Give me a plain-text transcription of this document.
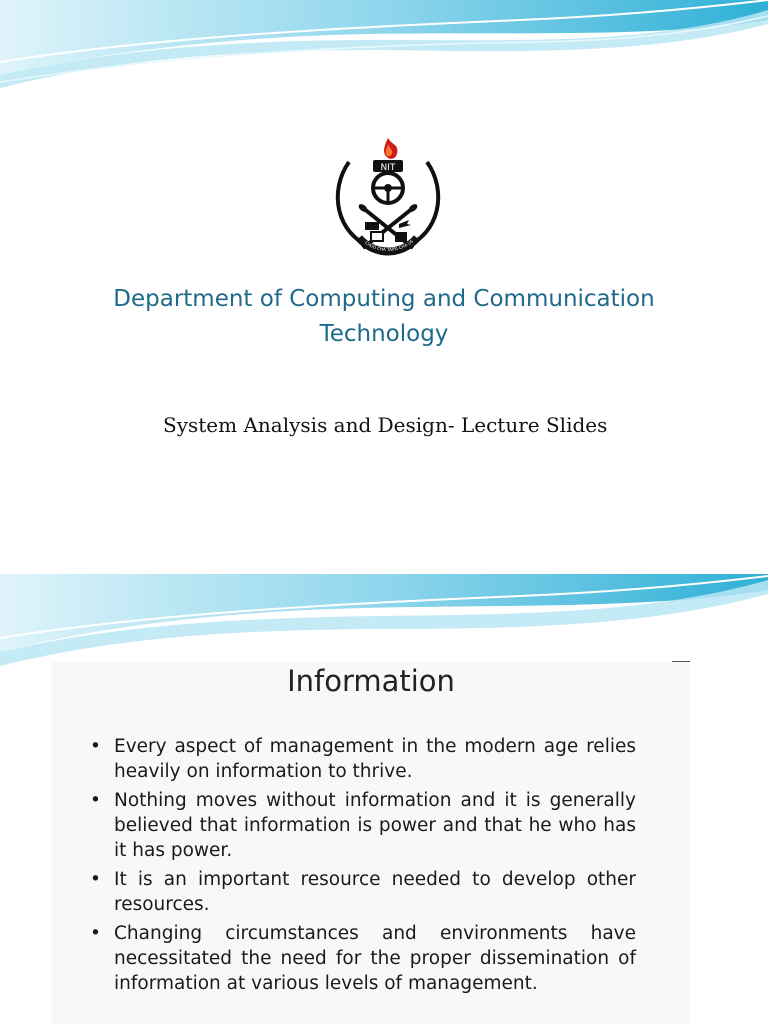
NIT
CHUO CHA TAIFA CHA US
Department of Computing and Communication Technology

System Analysis and Design- Lecture Slides

Information
• Every aspect of management in the modern age relies heavily on information to thrive.
• Nothing moves without information and it is generally believed that information is power and that he who has it has power.
• It is an important resource needed to develop other resources.
• Changing circumstances and environments have necessitated the need for the proper dissemination of information at various levels of management.
